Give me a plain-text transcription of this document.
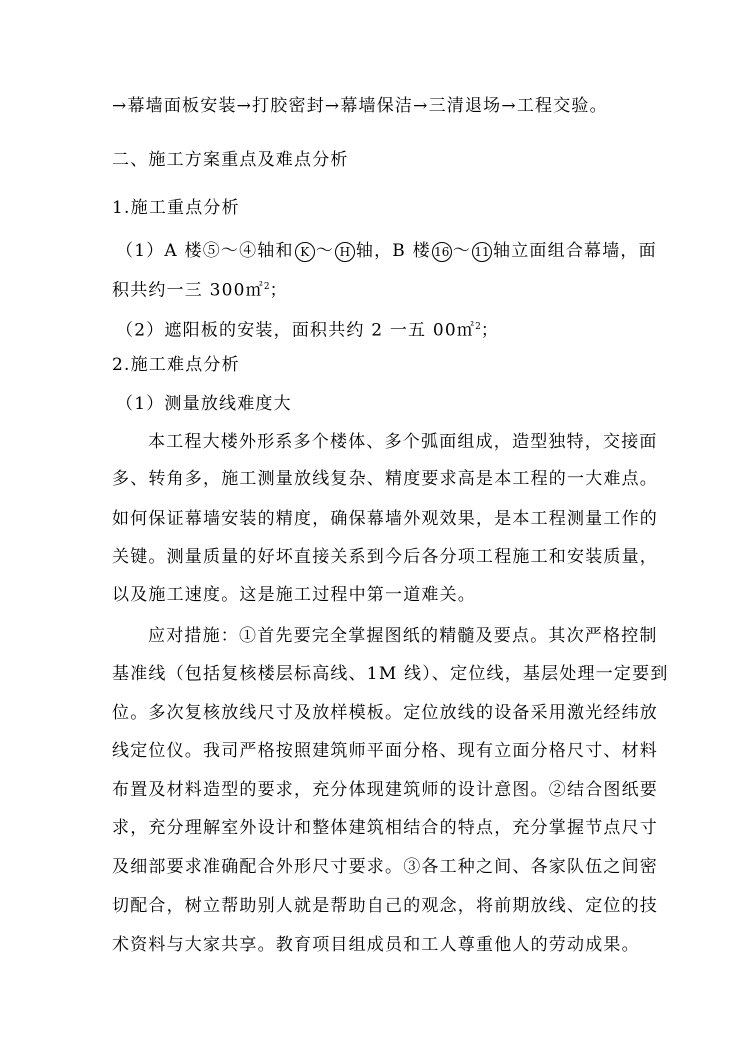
→幕墙面板安装→打胶密封→幕墙保洁→三清退场→工程交验。
二、施工方案重点及难点分析
1.施工重点分析
（1）A 楼⑤～④轴和 K ～ H 轴，B 楼 16 ～ 11 轴立面组合幕墙，面
积共约一三 300㎡$^2$；
（2）遮阳板的安装，面积共约 2 一五 00㎡$^2$；
2.施工难点分析
（1）测量放线难度大
本工程大楼外形系多个楼体、多个弧面组成，造型独特，交接面
多、转角多，施工测量放线复杂、精度要求高是本工程的一大难点。
如何保证幕墙安装的精度，确保幕墙外观效果，是本工程测量工作的
关键。测量质量的好坏直接关系到今后各分项工程施工和安装质量，
以及施工速度。这是施工过程中第一道难关。
应对措施：①首先要完全掌握图纸的精髓及要点。其次严格控制
基准线（包括复核楼层标高线、1M 线）、定位线，基层处理一定要到
位。多次复核放线尺寸及放样模板。定位放线的设备采用激光经纬放
线定位仪。我司严格按照建筑师平面分格、现有立面分格尺寸、材料
布置及材料造型的要求，充分体现建筑师的设计意图。②结合图纸要
求，充分理解室外设计和整体建筑相结合的特点，充分掌握节点尺寸
及细部要求准确配合外形尺寸要求。③各工种之间、各家队伍之间密
切配合，树立帮助别人就是帮助自己的观念，将前期放线、定位的技
术资料与大家共享。教育项目组成员和工人尊重他人的劳动成果。
